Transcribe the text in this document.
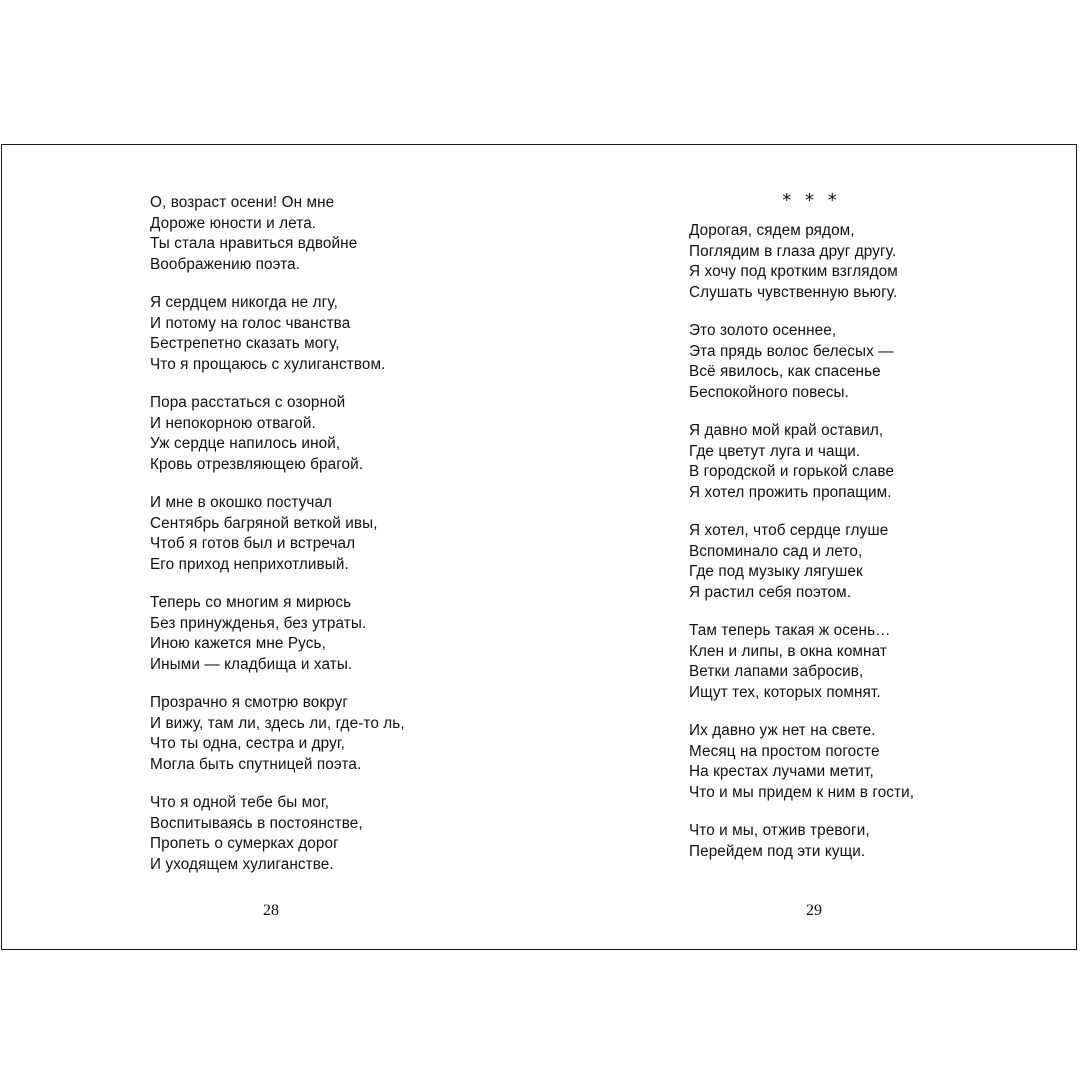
О, возраст осени! Он мне
Дороже юности и лета.
Ты стала нравиться вдвойне
Воображению поэта.
Я сердцем никогда не лгу,
И потому на голос чванства
Бестрепетно сказать могу,
Что я прощаюсь с хулиганством.
Пора расстаться с озорной
И непокорною отвагой.
Уж сердце напилось иной,
Кровь отрезвляющею брагой.
И мне в окошко постучал
Сентябрь багряной веткой ивы,
Чтоб я готов был и встречал
Его приход неприхотливый.
Теперь со многим я мирюсь
Без принужденья, без утраты.
Иною кажется мне Русь,
Иными — кладбища и хаты.
Прозрачно я смотрю вокруг
И вижу, там ли, здесь ли, где-то ль,
Что ты одна, сестра и друг,
Могла быть спутницей поэта.
Что я одной тебе бы мог,
Воспитываясь в постоянстве,
Пропеть о сумерках дорог
И уходящем хулиганстве.
28
* * *
Дорогая, сядем рядом,
Поглядим в глаза друг другу.
Я хочу под кротким взглядом
Слушать чувственную вьюгу.
Это золото осеннее,
Эта прядь волос белесых —
Всё явилось, как спасенье
Беспокойного повесы.
Я давно мой край оставил,
Где цветут луга и чащи.
В городской и горькой славе
Я хотел прожить пропащим.
Я хотел, чтоб сердце глуше
Вспоминало сад и лето,
Где под музыку лягушек
Я растил себя поэтом.
Там теперь такая ж осень…
Клен и липы, в окна комнат
Ветки лапами забросив,
Ищут тех, которых помнят.
Их давно уж нет на свете.
Месяц на простом погосте
На крестах лучами метит,
Что и мы придем к ним в гости,
Что и мы, отжив тревоги,
Перейдем под эти кущи.
29
